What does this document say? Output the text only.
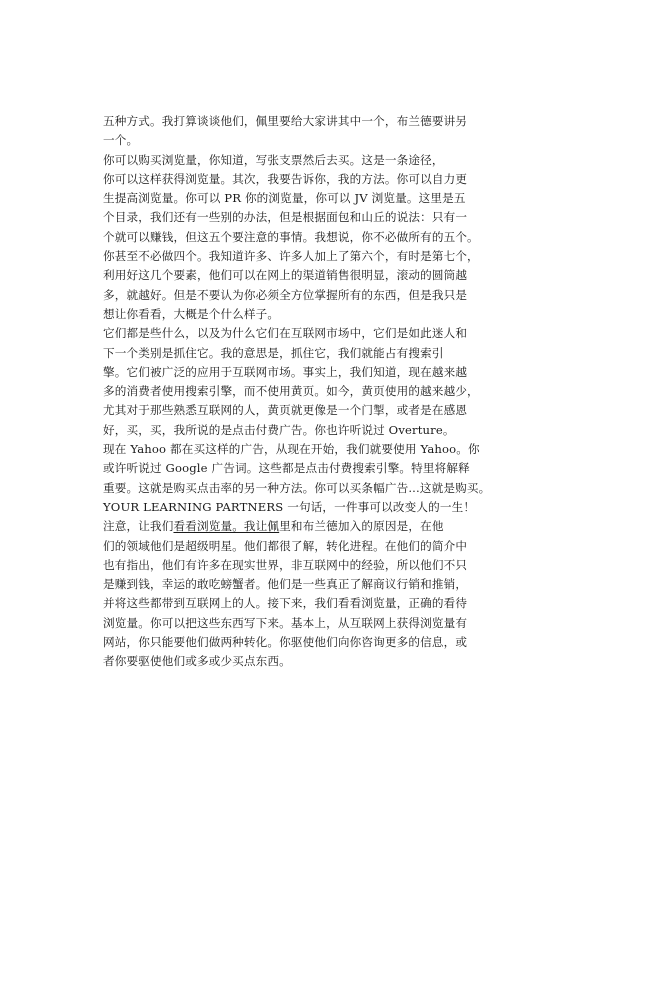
五种方式。我打算谈谈他们，佩里要给大家讲其中一个，布兰德要讲另
一个。
你可以购买浏览量，你知道，写张支票然后去买。这是一条途径，
你可以这样获得浏览量。其次，我要告诉你，我的方法。你可以自力更
生提高浏览量。你可以 PR 你的浏览量，你可以 JV 浏览量。这里是五
个目录，我们还有一些别的办法，但是根据面包和山丘的说法：只有一
个就可以赚钱，但这五个要注意的事情。我想说，你不必做所有的五个。
你甚至不必做四个。我知道许多、许多人加上了第六个，有时是第七个，
利用好这几个要素，他们可以在网上的渠道销售很明显，滚动的圆筒越
多，就越好。但是不要认为你必须全方位掌握所有的东西，但是我只是
想让你看看，大概是个什么样子。
它们都是些什么，以及为什么它们在互联网市场中，它们是如此迷人和
下一个类别是抓住它。我的意思是，抓住它，我们就能占有搜索引
擎。它们被广泛的应用于互联网市场。事实上，我们知道，现在越来越
多的消费者使用搜索引擎，而不使用黄页。如今，黄页使用的越来越少，
尤其对于那些熟悉互联网的人，黄页就更像是一个门掣，或者是在感恩
好，买，买，我所说的是点击付费广告。你也许听说过 Overture。
现在 Yahoo 都在买这样的广告，从现在开始，我们就要使用 Yahoo。你
或许听说过 Google 广告词。这些都是点击付费搜索引擎。特里将解释
重要。这就是购买点击率的另一种方法。你可以买条幅广告...这就是购买。
YOUR LEARNING PARTNERS 一句话，一件事可以改变人的一生！
注意，让我们看看浏览量。我让佩里和布兰德加入的原因是，在他
们的领域他们是超级明星。他们都很了解，转化进程。在他们的简介中
也有指出，他们有许多在现实世界，非互联网中的经验，所以他们不只
是赚到钱，幸运的敢吃螃蟹者。他们是一些真正了解商议行销和推销，
并将这些都带到互联网上的人。接下来，我们看看浏览量，正确的看待
浏览量。你可以把这些东西写下来。基本上，从互联网上获得浏览量有
网站，你只能要他们做两种转化。你驱使他们向你咨询更多的信息，或
者你要驱使他们或多或少买点东西。
